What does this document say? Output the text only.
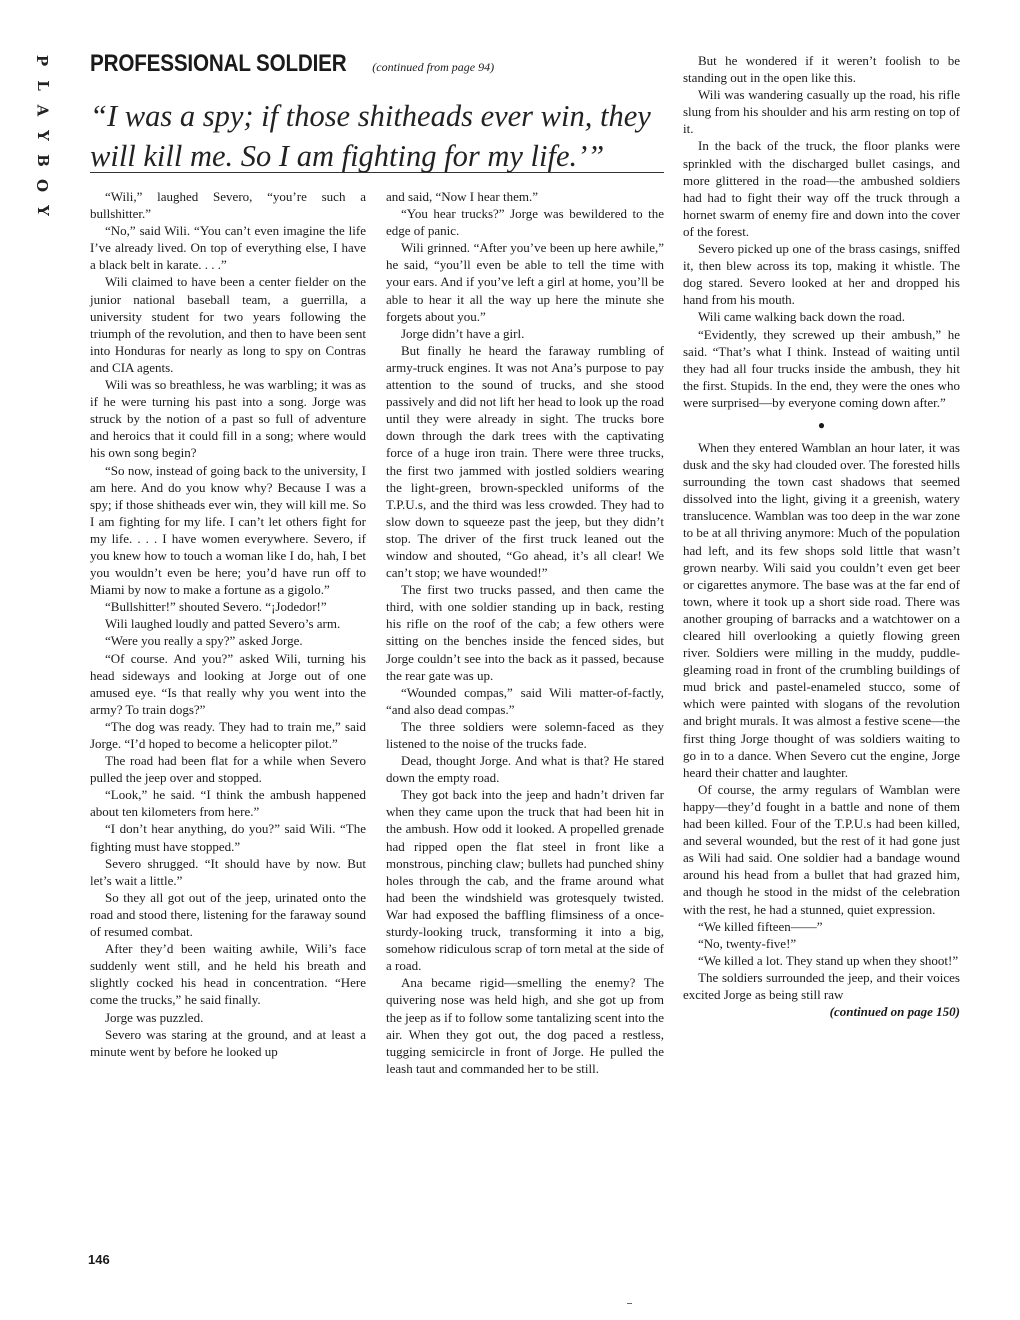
P
L
A
Y
B
O
Y
PROFESSIONAL SOLDIER (continued from page 94)
“I was a spy; if those shitheads ever win, they will kill me. So I am fighting for my life.’”

“Wili,” laughed Severo, “you’re such a bullshitter.”

“No,” said Wili. “You can’t even imagine the life I’ve already lived. On top of everything else, I have a black belt in karate. . . .”

Wili claimed to have been a center fielder on the junior national baseball team, a guerrilla, a university student for two years following the triumph of the revolution, and then to have been sent into Honduras for nearly as long to spy on Contras and CIA agents.

Wili was so breathless, he was warbling; it was as if he were turning his past into a song. Jorge was struck by the notion of a past so full of adventure and heroics that it could fill in a song; where would his own song begin?

“So now, instead of going back to the university, I am here. And do you know why? Because I was a spy; if those shitheads ever win, they will kill me. So I am fighting for my life. I can’t let others fight for my life. . . . I have women everywhere. Severo, if you knew how to touch a woman like I do, hah, I bet you wouldn’t even be here; you’d have run off to Miami by now to make a fortune as a gigolo.”

“Bullshitter!” shouted Severo. “¡Jodedor!”

Wili laughed loudly and patted Severo’s arm.

“Were you really a spy?” asked Jorge.

“Of course. And you?” asked Wili, turning his head sideways and looking at Jorge out of one amused eye. “Is that really why you went into the army? To train dogs?”

“The dog was ready. They had to train me,” said Jorge. “I’d hoped to become a helicopter pilot.”

The road had been flat for a while when Severo pulled the jeep over and stopped.

“Look,” he said. “I think the ambush happened about ten kilometers from here.”

“I don’t hear anything, do you?” said Wili. “The fighting must have stopped.”

Severo shrugged. “It should have by now. But let’s wait a little.”

So they all got out of the jeep, urinated onto the road and stood there, listening for the faraway sound of resumed combat.

After they’d been waiting awhile, Wili’s face suddenly went still, and he held his breath and slightly cocked his head in concentration. “Here come the trucks,” he said finally.

Jorge was puzzled.

Severo was staring at the ground, and at least a minute went by before he looked up

and said, “Now I hear them.”

“You hear trucks?” Jorge was bewildered to the edge of panic.

Wili grinned. “After you’ve been up here awhile,” he said, “you’ll even be able to tell the time with your ears. And if you’ve left a girl at home, you’ll be able to hear it all the way up here the minute she forgets about you.”

Jorge didn’t have a girl.

But finally he heard the faraway rumbling of army-truck engines. It was not Ana’s purpose to pay attention to the sound of trucks, and she stood passively and did not lift her head to look up the road until they were already in sight. The trucks bore down through the dark trees with the captivating force of a huge iron train. There were three trucks, the first two jammed with jostled soldiers wearing the light-green, brown-speckled uniforms of the T.P.U.s, and the third was less crowded. They had to slow down to squeeze past the jeep, but they didn’t stop. The driver of the first truck leaned out the window and shouted, “Go ahead, it’s all clear! We can’t stop; we have wounded!”

The first two trucks passed, and then came the third, with one soldier standing up in back, resting his rifle on the roof of the cab; a few others were sitting on the benches inside the fenced sides, but Jorge couldn’t see into the back as it passed, because the rear gate was up.

“Wounded compas,” said Wili matter-of-factly, “and also dead compas.”

The three soldiers were solemn-faced as they listened to the noise of the trucks fade.

Dead, thought Jorge. And what is that? He stared down the empty road.

They got back into the jeep and hadn’t driven far when they came upon the truck that had been hit in the ambush. How odd it looked. A propelled grenade had ripped open the flat steel in front like a monstrous, pinching claw; bullets had punched shiny holes through the cab, and the frame around what had been the windshield was grotesquely twisted. War had exposed the baffling flimsiness of a once-sturdy-looking truck, transforming it into a big, somehow ridiculous scrap of torn metal at the side of a road.

Ana became rigid—smelling the enemy? The quivering nose was held high, and she got up from the jeep as if to follow some tantalizing scent into the air. When they got out, the dog paced a restless, tugging semicircle in front of Jorge. He pulled the leash taut and commanded her to be still.

But he wondered if it weren’t foolish to be standing out in the open like this.

Wili was wandering casually up the road, his rifle slung from his shoulder and his arm resting on top of it.

In the back of the truck, the floor planks were sprinkled with the discharged bullet casings, and more glittered in the road—the ambushed soldiers had had to fight their way off the truck through a hornet swarm of enemy fire and down into the cover of the forest.

Severo picked up one of the brass casings, sniffed it, then blew across its top, making it whistle. The dog stared. Severo looked at her and dropped his hand from his mouth.

Wili came walking back down the road.

“Evidently, they screwed up their ambush,” he said. “That’s what I think. Instead of waiting until they had all four trucks inside the ambush, they hit the first. Stupids. In the end, they were the ones who were surprised—by everyone coming down after.”

●

When they entered Wamblan an hour later, it was dusk and the sky had clouded over. The forested hills surrounding the town cast shadows that seemed dissolved into the light, giving it a greenish, watery translucence. Wamblan was too deep in the war zone to be at all thriving anymore: Much of the population had left, and its few shops sold little that wasn’t grown nearby. Wili said you couldn’t even get beer or cigarettes anymore. The base was at the far end of town, where it took up a short side road. There was another grouping of barracks and a watchtower on a cleared hill overlooking a quietly flowing green river. Soldiers were milling in the muddy, puddle-gleaming road in front of the crumbling buildings of mud brick and pastel-enameled stucco, some of which were painted with slogans of the revolution and bright murals. It was almost a festive scene—the first thing Jorge thought of was soldiers waiting to go in to a dance. When Severo cut the engine, Jorge heard their chatter and laughter.

Of course, the army regulars of Wamblan were happy—they’d fought in a battle and none of them had been killed. Four of the T.P.U.s had been killed, and several wounded, but the rest of it had gone just as Wili had said. One soldier had a bandage wound around his head from a bullet that had grazed him, and though he stood in the midst of the celebration with the rest, he had a stunned, quiet expression.

“We killed fifteen——”

“No, twenty-five!”

“We killed a lot. They stand up when they shoot!”

The soldiers surrounded the jeep, and their voices excited Jorge as being still raw

(continued on page 150)
146
